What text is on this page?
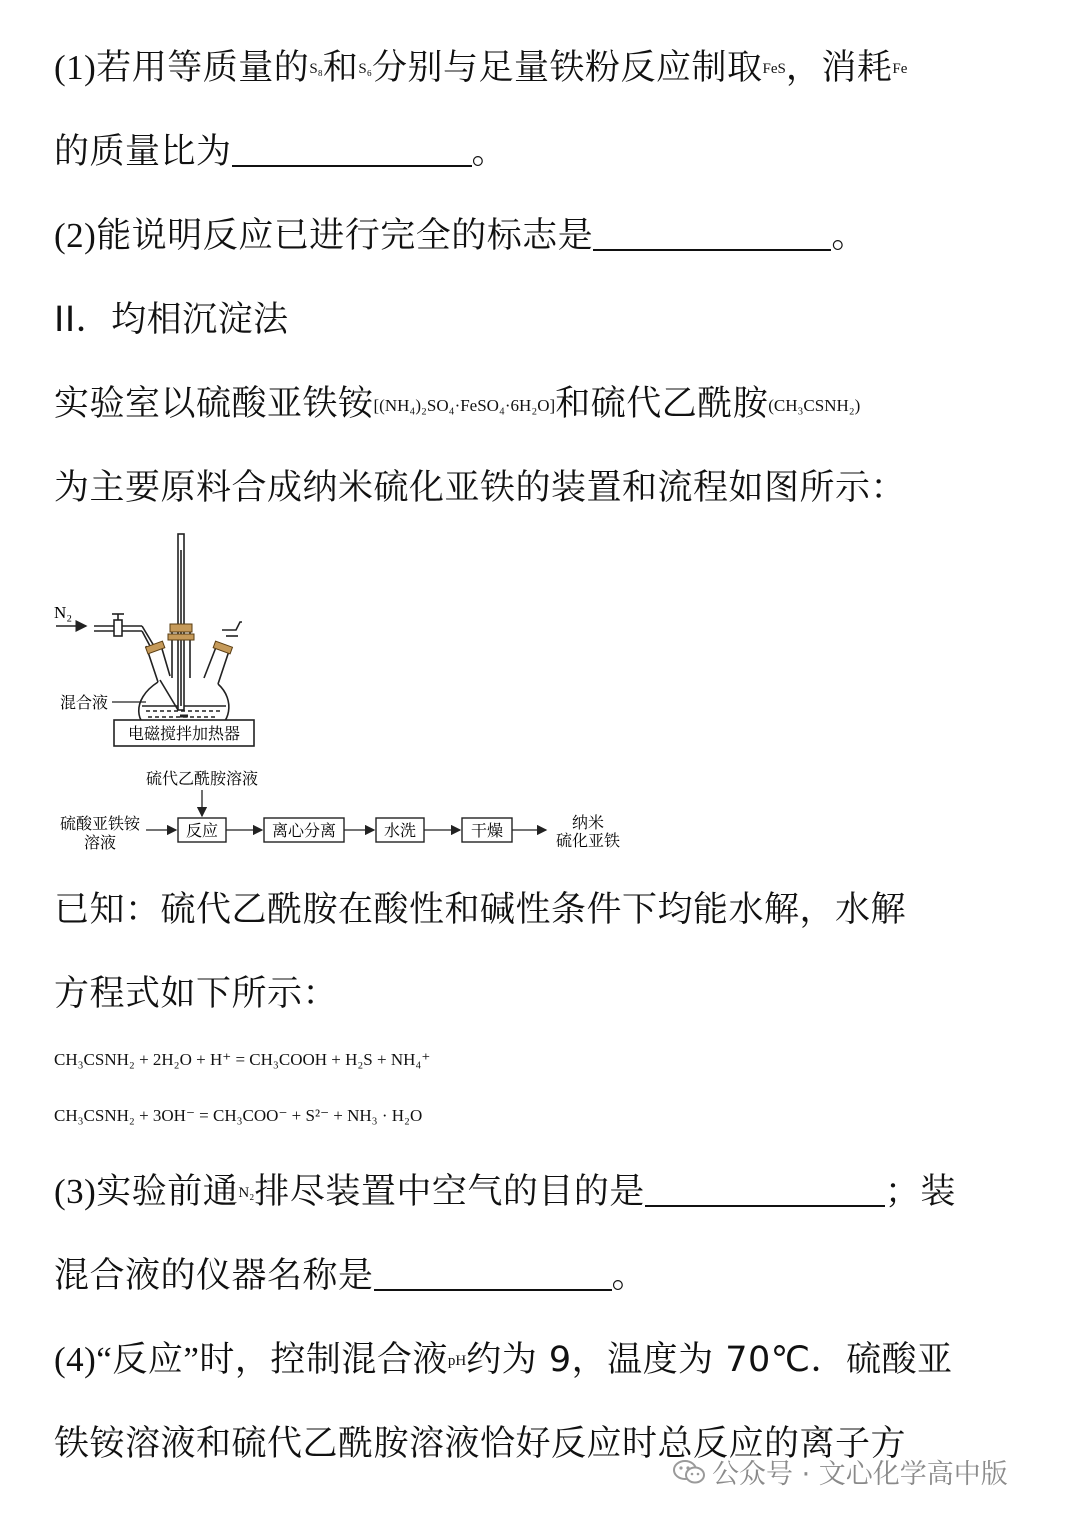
(1)若用等质量的S₈和S₆分别与足量铁粉反应制取FeS，消耗Fe
的质量比为	。
(2)能说明反应已进行完全的标志是	。
II．均相沉淀法
实验室以硫酸亚铁铵[(NH₄)₂SO₄·FeSO₄·6H₂O]和硫代乙酰胺(CH₃CSNH₂)
为主要原料合成纳米硫化亚铁的装置和流程如图所示：
N₂
混合液
电磁搅拌加热器
硫代乙酰胺溶液
硫酸亚铁铵
溶液
反应	离心分离	水洗	干燥	纳米
硫化亚铁
已知：硫代乙酰胺在酸性和碱性条件下均能水解，水解
方程式如下所示：
CH₃CSNH₂ + 2H₂O + H⁺ = CH₃COOH + H₂S + NH₄⁺
CH₃CSNH₂ + 3OH⁻ = CH₃COO⁻ + S²⁻ + NH₃ · H₂O
(3)实验前通N₂排尽装置中空气的目的是	；装
混合液的仪器名称是	。
(4)“反应”时，控制混合液pH约为 9，温度为 70℃．硫酸亚
铁铵溶液和硫代乙酰胺溶液恰好反应时总反应的离子方
公众号 · 文心化学高中版
